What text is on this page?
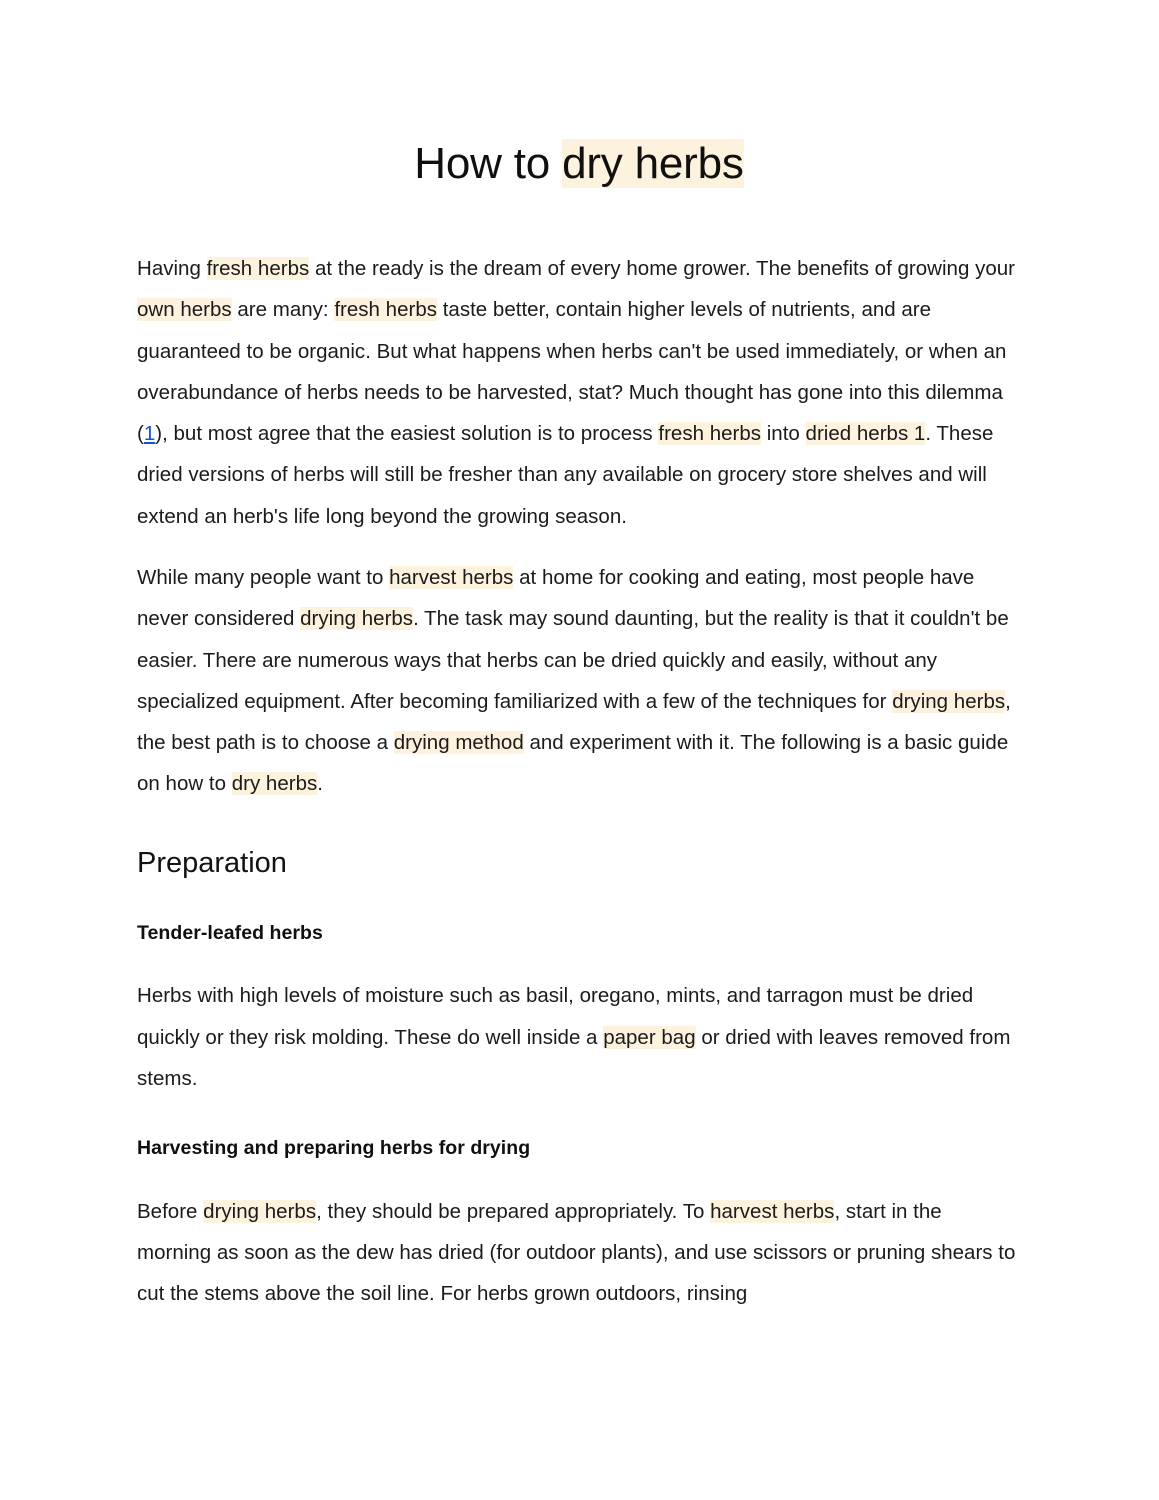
How to dry herbs

Having fresh herbs at the ready is the dream of every home grower. The benefits of growing your own herbs are many: fresh herbs taste better, contain higher levels of nutrients, and are guaranteed to be organic. But what happens when herbs can't be used immediately, or when an overabundance of herbs needs to be harvested, stat? Much thought has gone into this dilemma (1), but most agree that the easiest solution is to process fresh herbs into dried herbs 1. These dried versions of herbs will still be fresher than any available on grocery store shelves and will extend an herb's life long beyond the growing season.

While many people want to harvest herbs at home for cooking and eating, most people have never considered drying herbs. The task may sound daunting, but the reality is that it couldn't be easier. There are numerous ways that herbs can be dried quickly and easily, without any specialized equipment. After becoming familiarized with a few of the techniques for drying herbs, the best path is to choose a drying method and experiment with it. The following is a basic guide on how to dry herbs.

Preparation
Tender-leafed herbs

Herbs with high levels of moisture such as basil, oregano, mints, and tarragon must be dried quickly or they risk molding. These do well inside a paper bag or dried with leaves removed from stems.

Harvesting and preparing herbs for drying

Before drying herbs, they should be prepared appropriately. To harvest herbs, start in the morning as soon as the dew has dried (for outdoor plants), and use scissors or pruning shears to cut the stems above the soil line. For herbs grown outdoors, rinsing
